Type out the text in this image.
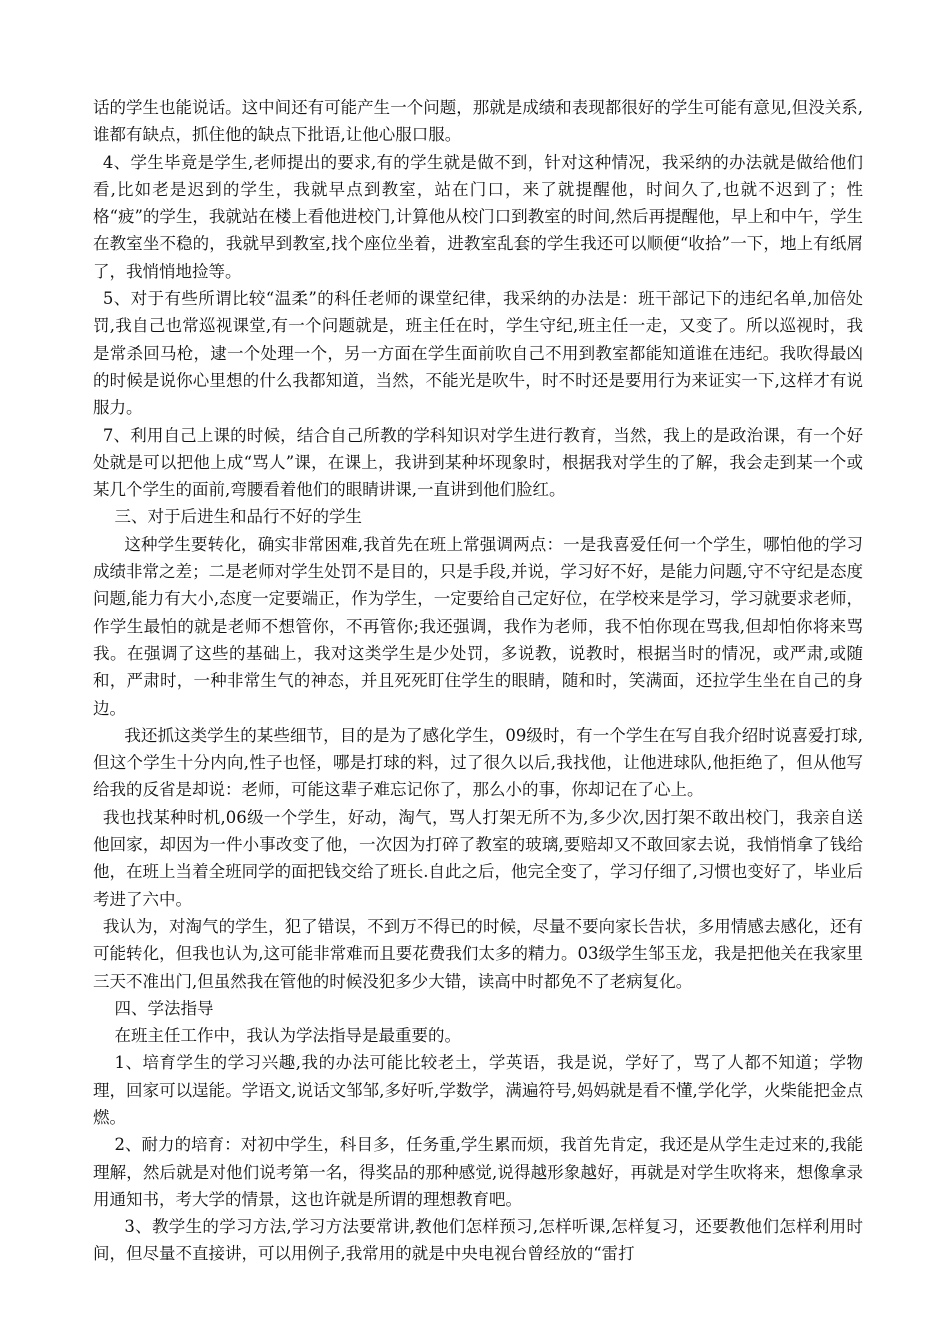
话的学生也能说话。这中间还有可能产生一个问题，那就是成绩和表现都很好的学生可能有意见,但没关系,谁都有缺点，抓住他的缺点下批语,让他心服口服。

4、学生毕竟是学生,老师提出的要求,有的学生就是做不到，针对这种情况，我采纳的办法就是做给他们看,比如老是迟到的学生，我就早点到教室，站在门口，来了就提醒他，时间久了,也就不迟到了；性格“疲”的学生，我就站在楼上看他进校门,计算他从校门口到教室的时间,然后再提醒他，早上和中午，学生在教室坐不稳的，我就早到教室,找个座位坐着，进教室乱套的学生我还可以顺便“收拾”一下，地上有纸屑了，我悄悄地捡等。

5、对于有些所谓比较“温柔”的科任老师的课堂纪律，我采纳的办法是：班干部记下的违纪名单,加倍处罚,我自己也常巡视课堂,有一个问题就是，班主任在时，学生守纪,班主任一走，又变了。所以巡视时，我是常杀回马枪，逮一个处理一个，另一方面在学生面前吹自己不用到教室都能知道谁在违纪。我吹得最凶的时候是说你心里想的什么我都知道，当然，不能光是吹牛，时不时还是要用行为来证实一下,这样才有说服力。

7、利用自己上课的时候，结合自己所教的学科知识对学生进行教育，当然，我上的是政治课，有一个好处就是可以把他上成“骂人”课，在课上，我讲到某种坏现象时，根据我对学生的了解，我会走到某一个或某几个学生的面前,弯腰看着他们的眼睛讲课,一直讲到他们脸红。

三、对于后进生和品行不好的学生

这种学生要转化，确实非常困难,我首先在班上常强调两点：一是我喜爱任何一个学生，哪怕他的学习成绩非常之差；二是老师对学生处罚不是目的，只是手段,并说，学习好不好，是能力问题,守不守纪是态度问题,能力有大小,态度一定要端正，作为学生，一定要给自己定好位，在学校来是学习，学习就要求老师，作学生最怕的就是老师不想管你，不再管你;我还强调，我作为老师，我不怕你现在骂我,但却怕你将来骂我。在强调了这些的基础上，我对这类学生是少处罚，多说教，说教时，根据当时的情况，或严肃,或随和，严肃时，一种非常生气的神态，并且死死盯住学生的眼睛，随和时，笑满面，还拉学生坐在自己的身边。

我还抓这类学生的某些细节，目的是为了感化学生，09级时，有一个学生在写自我介绍时说喜爱打球,但这个学生十分内向,性子也怪，哪是打球的料，过了很久以后,我找他，让他进球队,他拒绝了，但从他写给我的反省是却说：老师，可能这辈子难忘记你了，那么小的事，你却记在了心上。

我也找某种时机,06级一个学生，好动，淘气，骂人打架无所不为,多少次,因打架不敢出校门，我亲自送他回家，却因为一件小事改变了他，一次因为打碎了教室的玻璃,要赔却又不敢回家去说，我悄悄拿了钱给他，在班上当着全班同学的面把钱交给了班长.自此之后，他完全变了，学习仔细了,习惯也变好了，毕业后考进了六中。

我认为，对淘气的学生，犯了错误，不到万不得已的时候，尽量不要向家长告状，多用情感去感化，还有可能转化，但我也认为,这可能非常难而且要花费我们太多的精力。03级学生邹玉龙，我是把他关在我家里三天不准出门,但虽然我在管他的时候没犯多少大错，读高中时都免不了老病复化。

四、学法指导

在班主任工作中，我认为学法指导是最重要的。

1、培育学生的学习兴趣,我的办法可能比较老土，学英语，我是说，学好了，骂了人都不知道；学物理，回家可以逞能。学语文,说话文邹邹,多好听,学数学，满遍符号,妈妈就是看不懂,学化学，火柴能把金点燃。

2、耐力的培育：对初中学生，科目多，任务重,学生累而烦，我首先肯定，我还是从学生走过来的,我能理解，然后就是对他们说考第一名，得奖品的那种感觉,说得越形象越好，再就是对学生吹将来，想像拿录用通知书，考大学的情景，这也许就是所谓的理想教育吧。

3、教学生的学习方法,学习方法要常讲,教他们怎样预习,怎样听课,怎样复习，还要教他们怎样利用时间，但尽量不直接讲，可以用例子,我常用的就是中央电视台曾经放的“雷打
